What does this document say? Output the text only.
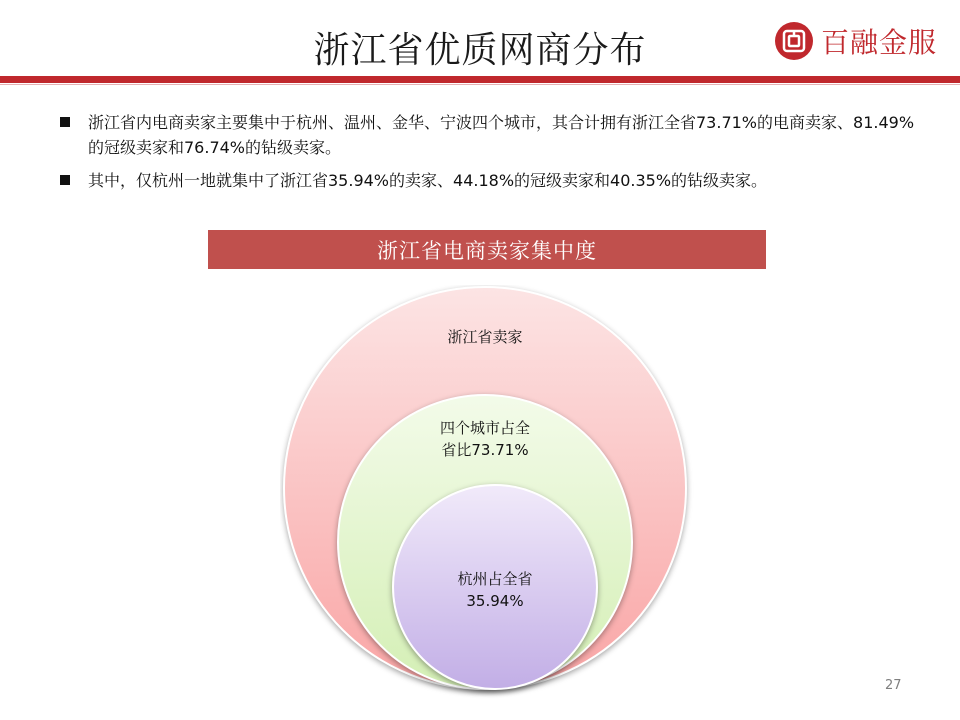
浙江省优质网商分布	百融金服
浙江省内电商卖家主要集中于杭州、温州、金华、宁波四个城市，其合计拥有浙江全省73.71%的电商卖家、81.49%的冠级卖家和76.74%的钻级卖家。
其中，仅杭州一地就集中了浙江省35.94%的卖家、44.18%的冠级卖家和40.35%的钻级卖家。
浙江省电商卖家集中度
浙江省卖家
四个城市占全
省比73.71%
杭州占全省
35.94%
27
